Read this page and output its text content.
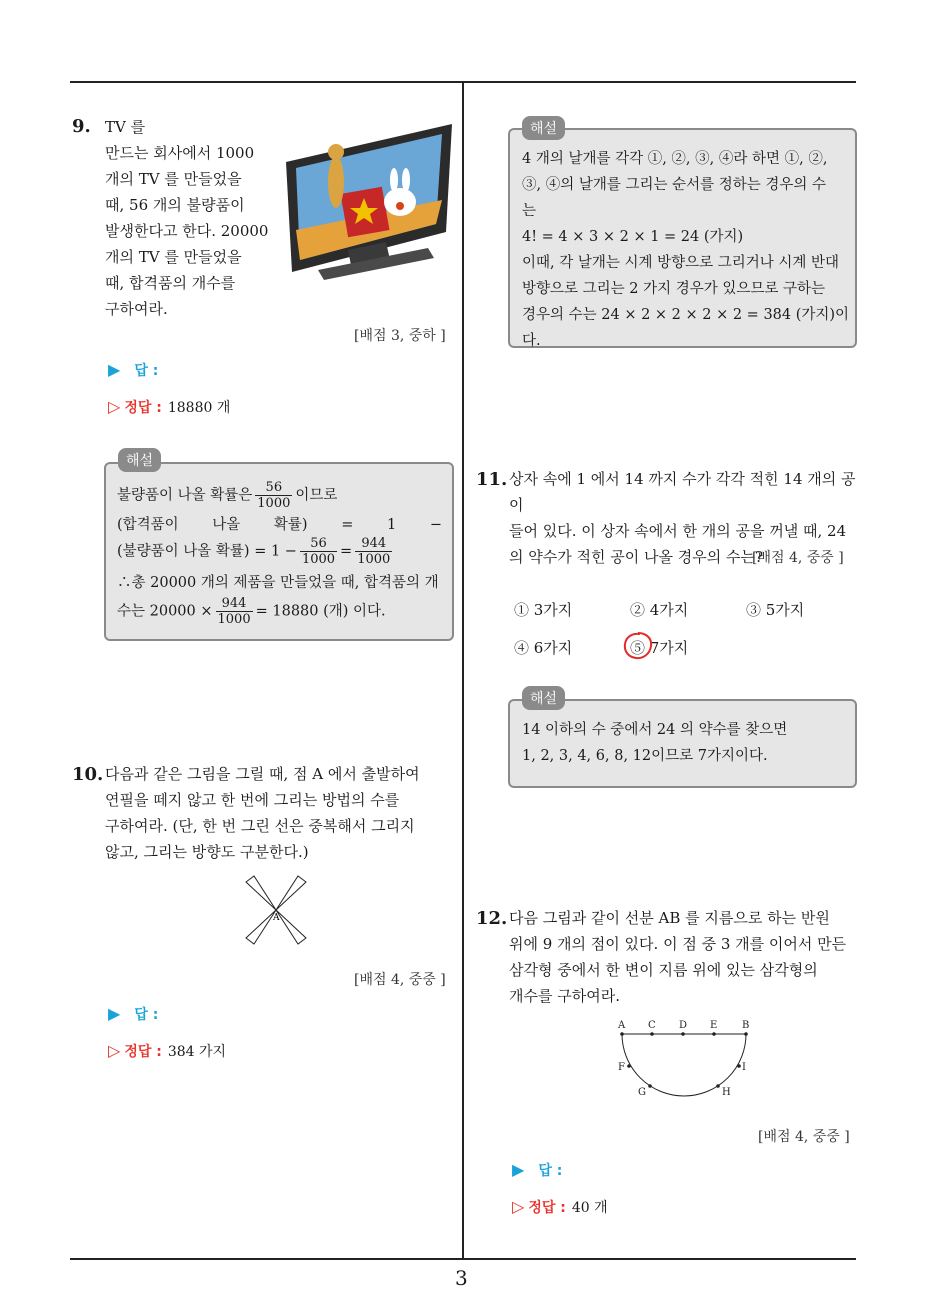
3
9. TV 를
만드는 회사에서 1000
개의 TV 를 만들었을
때, 56 개의 불량품이
발생한다고 한다. 20000
개의 TV 를 만들었을
때, 합격품의 개수를
구하여라.
[배점 3, 중하 ]
▶ 답 :
▷ 정답 : 18880 개
해설
불량품이 나올 확률은 $\frac{56}{1000}$ 이므로
(합격품이 나올 확률) = 1 −
(불량품이 나올 확률) = $1 - \frac{56}{1000} = \frac{944}{1000}$
∴총 20000 개의 제품을 만들었을 때, 합격품의 개
수는 $20000 \times \frac{944}{1000} = 18880$ (개) 이다.
10. 다음과 같은 그림을 그릴 때, 점 A 에서 출발하여
연필을 떼지 않고 한 번에 그리는 방법의 수를
구하여라. (단, 한 번 그린 선은 중복해서 그리지
않고, 그리는 방향도 구분한다.)
A
[배점 4, 중중 ]
▶ 답 :
▷ 정답 : 384 가지
해설
4 개의 날개를 각각 ①, ②, ③, ④라 하면 ①, ②,
③, ④의 날개를 그리는 순서를 정하는 경우의 수
는
4! = 4 × 3 × 2 × 1 = 24 (가지)
이때, 각 날개는 시계 방향으로 그리거나 시계 반대
방향으로 그리는 2 가지 경우가 있으므로 구하는
경우의 수는 24 × 2 × 2 × 2 × 2 = 384 (가지)이다.
11. 상자 속에 1 에서 14 까지 수가 각각 적힌 14 개의 공이
들어 있다. 이 상자 속에서 한 개의 공을 꺼낼 때, 24
의 약수가 적힌 공이 나올 경우의 수는?
[배점 4, 중중 ]
① 3가지	② 4가지	③ 5가지
④ 6가지	⑤ 7가지
해설
14 이하의 수 중에서 24 의 약수를 찾으면
1, 2, 3, 4, 6, 8, 12이므로 7가지이다.
12. 다음 그림과 같이 선분 AB 를 지름으로 하는 반원
위에 9 개의 점이 있다. 이 점 중 3 개를 이어서 만든
삼각형 중에서 한 변이 지름 위에 있는 삼각형의
개수를 구하여라.
A C D E B
F	I
G	H
[배점 4, 중중 ]
▶ 답 :
▷ 정답 : 40 개
